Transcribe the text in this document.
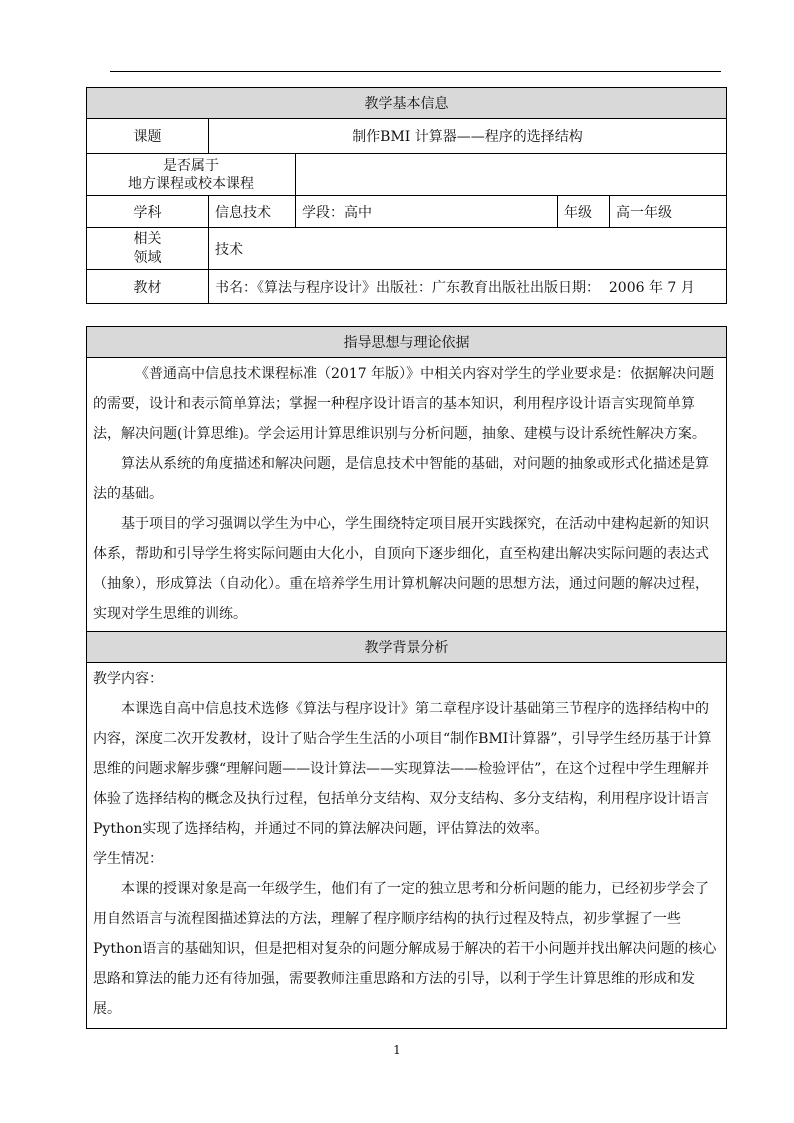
教学基本信息				
课题	制作BMI 计算器——程序的选择结构			

是否属于
地方课程或校本课程				

学科	信息技术	学段：高中	年级	高一年级

相关
领域	技术			
教材	书名：《算法与程序设计》出版社：广东教育出版社出版日期：  2006 年 7 月			
指导思想与理论依据

《普通高中信息技术课程标准（2017 年版）》中相关内容对学生的学业要求是：依据解决问题的需要，设计和表示简单算法；掌握一种程序设计语言的基本知识，利用程序设计语言实现简单算法，解决问题(计算思维)。学会运用计算思维识别与分析问题，抽象、建模与设计系统性解决方案。

算法从系统的角度描述和解决问题，是信息技术中智能的基础，对问题的抽象或形式化描述是算法的基础。

基于项目的学习强调以学生为中心，学生围绕特定项目展开实践探究，在活动中建构起新的知识体系，帮助和引导学生将实际问题由大化小，自顶向下逐步细化，直至构建出解决实际问题的表达式（抽象），形成算法（自动化）。重在培养学生用计算机解决问题的思想方法，通过问题的解决过程，实现对学生思维的训练。

教学背景分析

教学内容：

本课选自高中信息技术选修《算法与程序设计》第二章程序设计基础第三节程序的选择结构中的内容，深度二次开发教材，设计了贴合学生生活的小项目“制作BMI计算器”，引导学生经历基于计算思维的问题求解步骤“理解问题——设计算法——实现算法——检验评估”，在这个过程中学生理解并体验了选择结构的概念及执行过程，包括单分支结构、双分支结构、多分支结构，利用程序设计语言Python实现了选择结构，并通过不同的算法解决问题，评估算法的效率。

学生情况：

本课的授课对象是高一年级学生，他们有了一定的独立思考和分析问题的能力，已经初步学会了用自然语言与流程图描述算法的方法，理解了程序顺序结构的执行过程及特点，初步掌握了一些Python语言的基础知识，但是把相对复杂的问题分解成易于解决的若干小问题并找出解决问题的核心思路和算法的能力还有待加强，需要教师注重思路和方法的引导，以利于学生计算思维的形成和发展。

1
